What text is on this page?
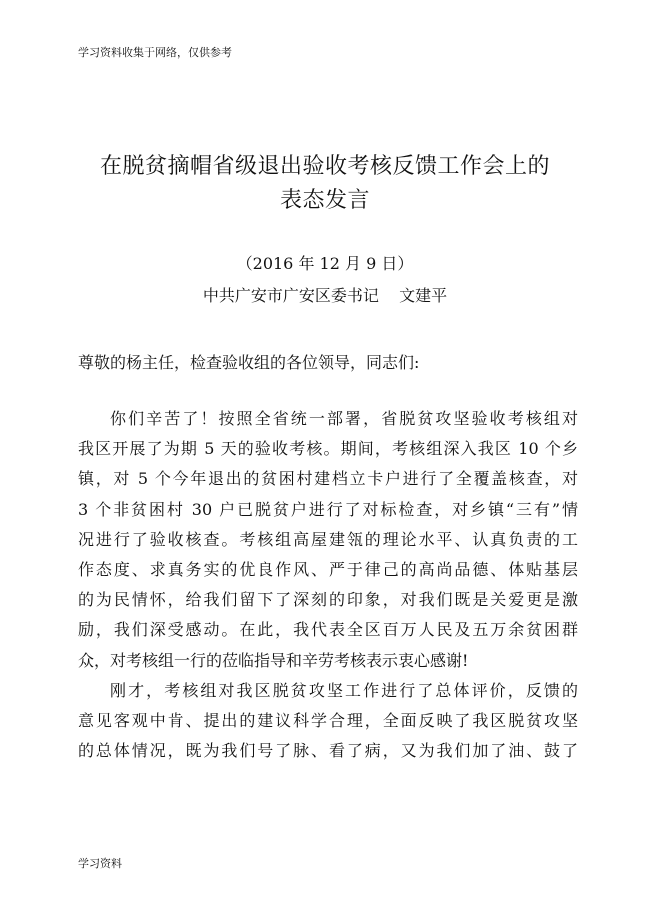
学习资料收集于网络，仅供参考
在脱贫摘帽省级退出验收考核反馈工作会上的
表态发言
（2016 年 12 月 9 日）
中共广安市广安区委书记 文建平
尊敬的杨主任，检查验收组的各位领导，同志们:
你们辛苦了！按照全省统一部署，省脱贫攻坚验收考核组对
我区开展了为期 5 天的验收考核。期间，考核组深入我区 10 个乡
镇，对 5 个今年退出的贫困村建档立卡户进行了全覆盖核查，对
3 个非贫困村 30 户已脱贫户进行了对标检查，对乡镇“三有”情
况进行了验收核查。考核组高屋建瓴的理论水平、认真负责的工
作态度、求真务实的优良作风、严于律己的高尚品德、体贴基层
的为民情怀，给我们留下了深刻的印象，对我们既是关爱更是激
励，我们深受感动。在此，我代表全区百万人民及五万余贫困群
众，对考核组一行的莅临指导和辛劳考核表示衷心感谢!
刚才，考核组对我区脱贫攻坚工作进行了总体评价，反馈的
意见客观中肯、提出的建议科学合理，全面反映了我区脱贫攻坚
的总体情况，既为我们号了脉、看了病，又为我们加了油、鼓了
学习资料
